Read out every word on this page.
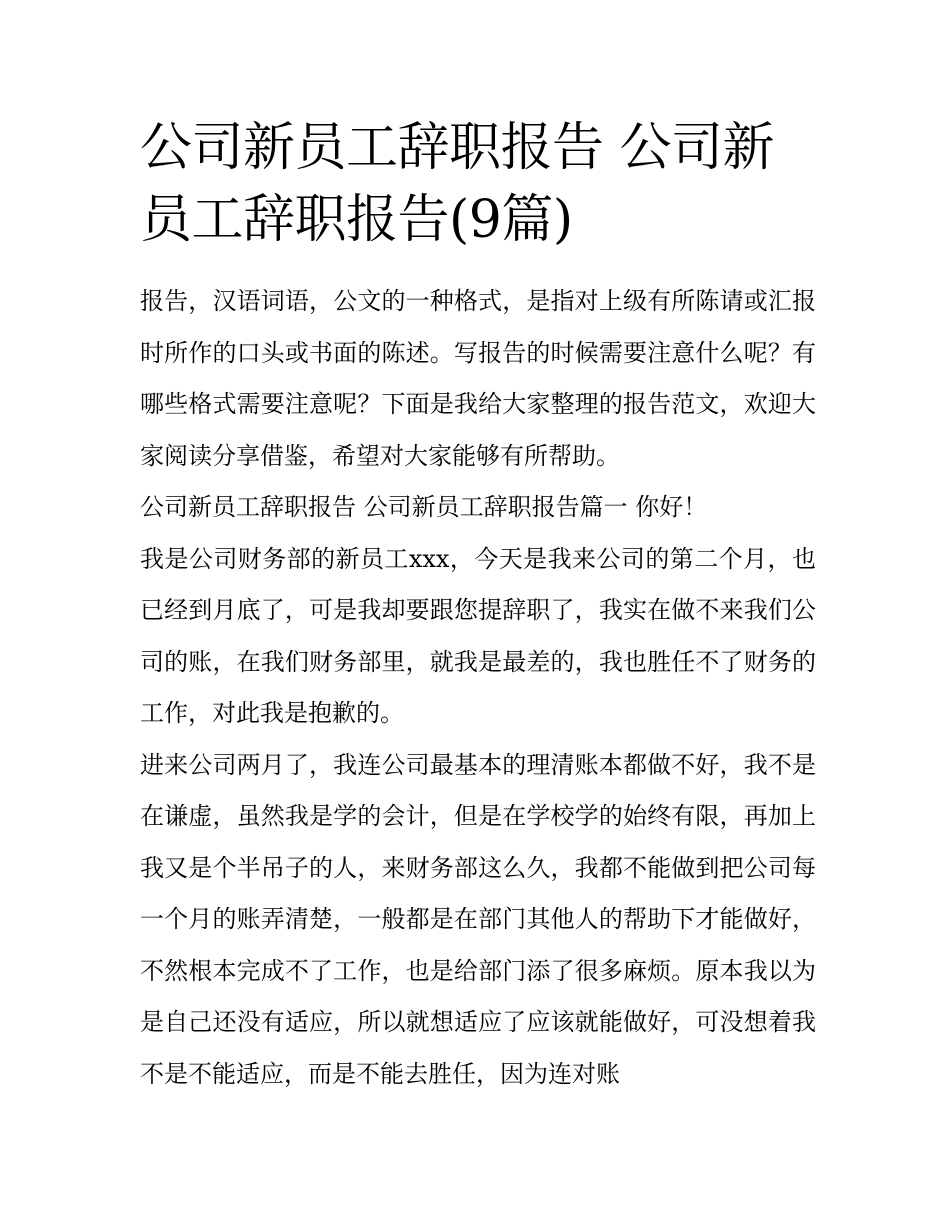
公司新员工辞职报告 公司新员工辞职报告(9篇)

报告，汉语词语，公文的一种格式，是指对上级有所陈请或汇报时所作的口头或书面的陈述。写报告的时候需要注意什么呢？有哪些格式需要注意呢？下面是我给大家整理的报告范文，欢迎大家阅读分享借鉴，希望对大家能够有所帮助。

公司新员工辞职报告 公司新员工辞职报告篇一 你好！

我是公司财务部的新员工xxx，今天是我来公司的第二个月，也已经到月底了，可是我却要跟您提辞职了，我实在做不来我们公司的账，在我们财务部里，就我是最差的，我也胜任不了财务的工作，对此我是抱歉的。

进来公司两月了，我连公司最基本的理清账本都做不好，我不是在谦虚，虽然我是学的会计，但是在学校学的始终有限，再加上我又是个半吊子的人，来财务部这么久，我都不能做到把公司每一个月的账弄清楚，一般都是在部门其他人的帮助下才能做好，不然根本完成不了工作，也是给部门添了很多麻烦。原本我以为是自己还没有适应，所以就想适应了应该就能做好，可没想着我不是不能适应，而是不能去胜任，因为连对账
